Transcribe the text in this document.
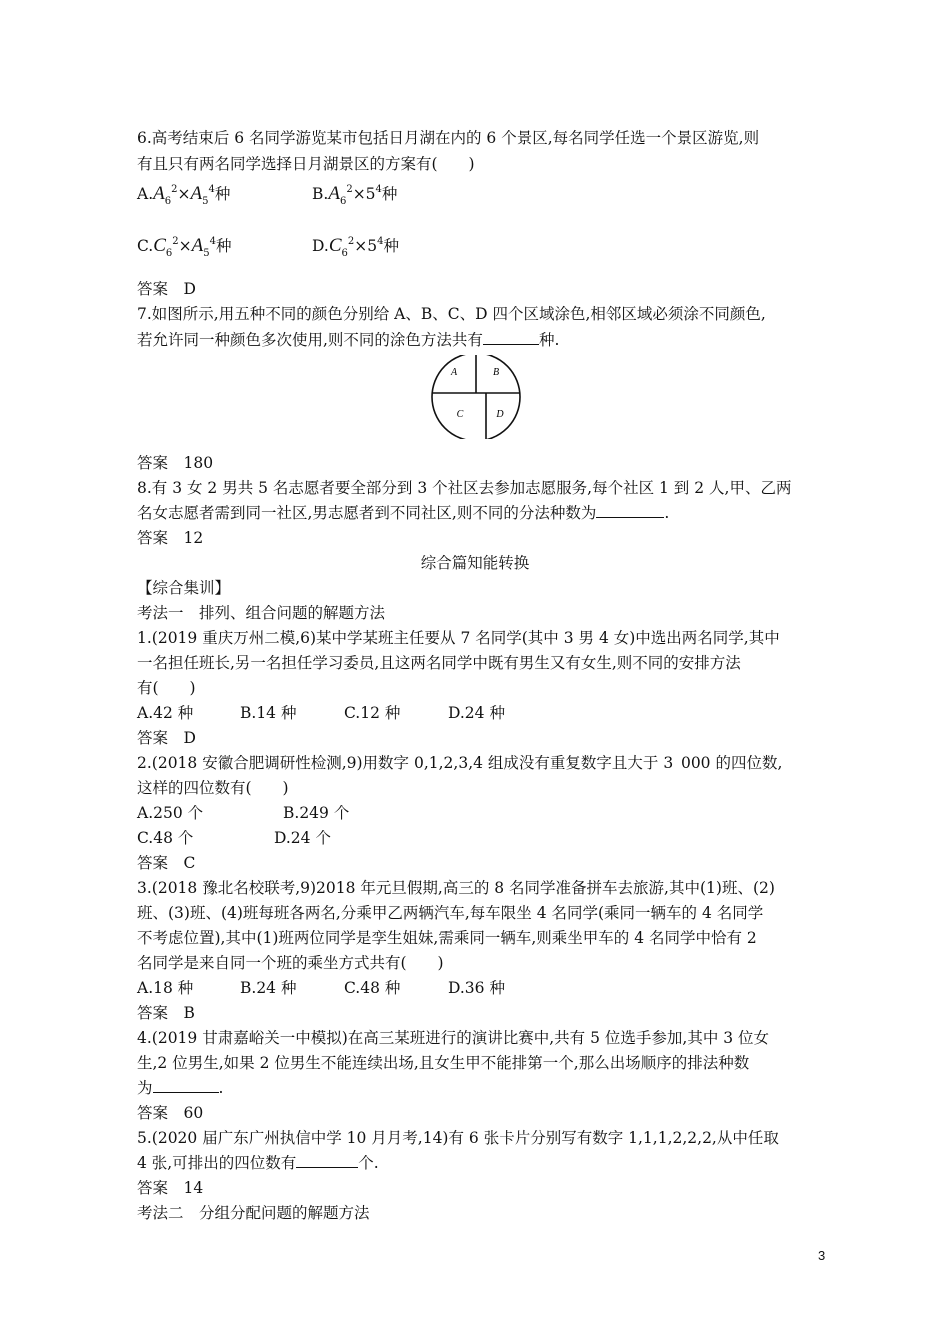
6.高考结束后 6 名同学游览某市包括日月湖在内的 6 个景区,每名同学任选一个景区游览,则
有且只有两名同学选择日月湖景区的方案有(　　)
$A.A_6^2\times A_5^4$种	$B.A_6^2\times 5^4$种
$C.C_6^2\times A_5^4$种	$D.C_6^2\times 5^4$种
答案　D
7.如图所示,用五种不同的颜色分别给 A、B、C、D 四个区域涂色,相邻区域必须涂不同颜色,
若允许同一种颜色多次使用,则不同的涂色方法共有	种.
A	B
C	D
答案　180
8.有 3 女 2 男共 5 名志愿者要全部分到 3 个社区去参加志愿服务,每个社区 1 到 2 人,甲、乙两
名女志愿者需到同一社区,男志愿者到不同社区,则不同的分法种数为	.
答案　12
综合篇知能转换
【综合集训】
考法一　排列、组合问题的解题方法
1.(2019 重庆万州二模,6)某中学某班主任要从 7 名同学(其中 3 男 4 女)中选出两名同学,其中
一名担任班长,另一名担任学习委员,且这两名同学中既有男生又有女生,则不同的安排方法
有(　　)
A.42 种	B.14 种	C.12 种	D.24 种
答案　D
2.(2018 安徽合肥调研性检测,9)用数字 0,1,2,3,4 组成没有重复数字且大于 3 000 的四位数,
这样的四位数有(　　)
A.250 个	B.249 个
C.48 个	D.24 个
答案　C
3.(2018 豫北名校联考,9)2018 年元旦假期,高三的 8 名同学准备拼车去旅游,其中(1)班、(2)
班、(3)班、(4)班每班各两名,分乘甲乙两辆汽车,每车限坐 4 名同学(乘同一辆车的 4 名同学
不考虑位置),其中(1)班两位同学是孪生姐妹,需乘同一辆车,则乘坐甲车的 4 名同学中恰有 2
名同学是来自同一个班的乘坐方式共有(　　)
A.18 种	B.24 种	C.48 种	D.36 种
答案　B
4.(2019 甘肃嘉峪关一中模拟)在高三某班进行的演讲比赛中,共有 5 位选手参加,其中 3 位女
生,2 位男生,如果 2 位男生不能连续出场,且女生甲不能排第一个,那么出场顺序的排法种数
为	.
答案　60
5.(2020 届广东广州执信中学 10 月月考,14)有 6 张卡片分别写有数字 1,1,1,2,2,2,从中任取
4 张,可排出的四位数有	个.
答案　14
考法二　分组分配问题的解题方法
3
